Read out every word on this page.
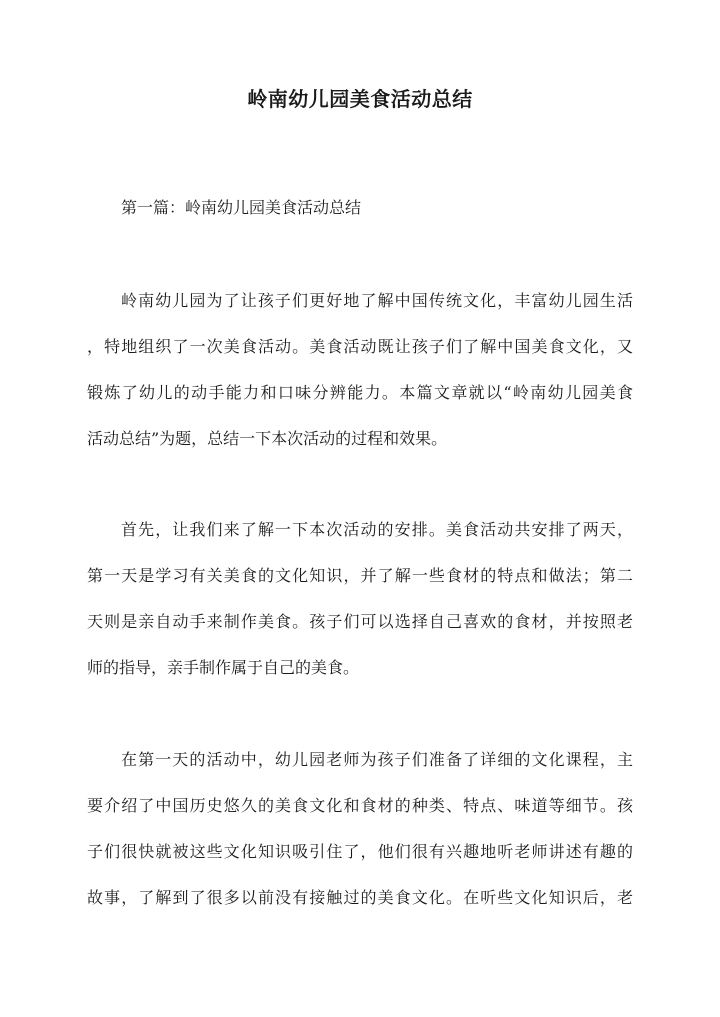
岭南幼儿园美食活动总结
第一篇：岭南幼儿园美食活动总结
岭南幼儿园为了让孩子们更好地了解中国传统文化，丰富幼儿园生活
，特地组织了一次美食活动。美食活动既让孩子们了解中国美食文化，又
锻炼了幼儿的动手能力和口味分辨能力。本篇文章就以“岭南幼儿园美食
活动总结”为题，总结一下本次活动的过程和效果。
首先，让我们来了解一下本次活动的安排。美食活动共安排了两天，
第一天是学习有关美食的文化知识，并了解一些食材的特点和做法；第二
天则是亲自动手来制作美食。孩子们可以选择自己喜欢的食材，并按照老
师的指导，亲手制作属于自己的美食。
在第一天的活动中，幼儿园老师为孩子们准备了详细的文化课程，主
要介绍了中国历史悠久的美食文化和食材的种类、特点、味道等细节。孩
子们很快就被这些文化知识吸引住了，他们很有兴趣地听老师讲述有趣的
故事，了解到了很多以前没有接触过的美食文化。在听些文化知识后，老
